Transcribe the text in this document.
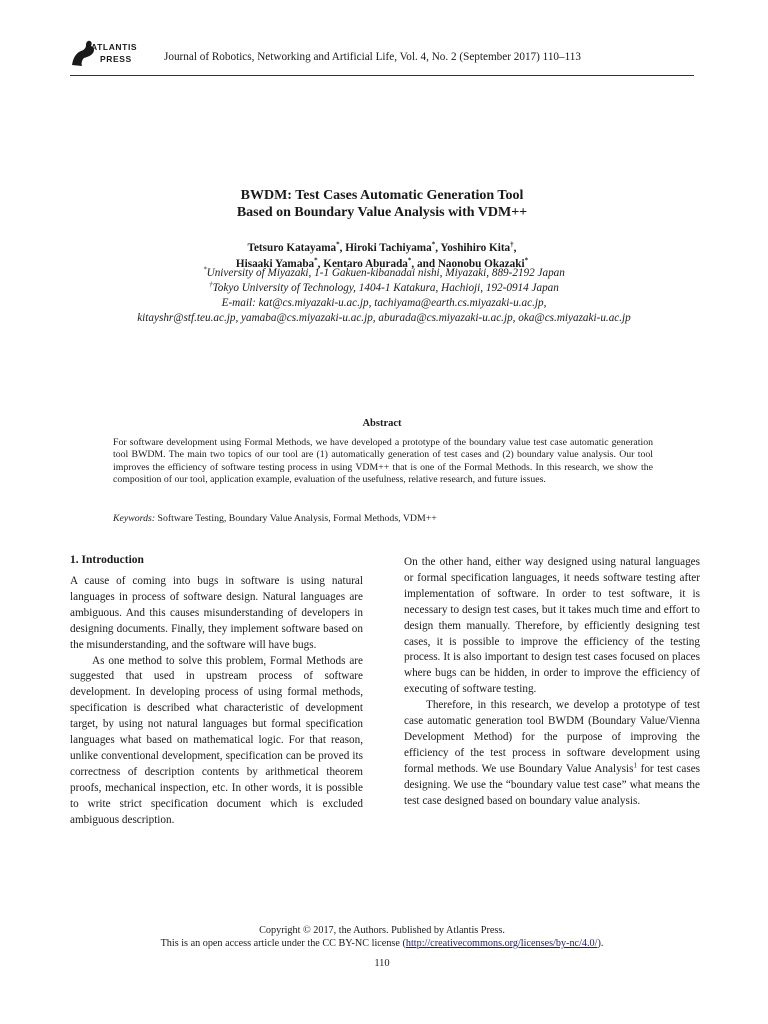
ATLANTIS
PRESS	Journal of Robotics, Networking and Artificial Life, Vol. 4, No. 2 (September 2017) 110–113
BWDM: Test Cases Automatic Generation Tool
Based on Boundary Value Analysis with VDM++
Tetsuro Katayama*, Hiroki Tachiyama*, Yoshihiro Kita†,
Hisaaki Yamaba*, Kentaro Aburada*, and Naonobu Okazaki*
*University of Miyazaki, 1-1 Gakuen-kibanadai nishi, Miyazaki, 889-2192 Japan
†Tokyo University of Technology, 1404-1 Katakura, Hachioji, 192-0914 Japan
E-mail: kat@cs.miyazaki-u.ac.jp, tachiyama@earth.cs.miyazaki-u.ac.jp,
kitayshr@stf.teu.ac.jp, yamaba@cs.miyazaki-u.ac.jp, aburada@cs.miyazaki-u.ac.jp, oka@cs.miyazaki-u.ac.jp
Abstract
For software development using Formal Methods, we have developed a prototype of the boundary value test case automatic generation tool BWDM. The main two topics of our tool are (1) automatically generation of test cases and (2) boundary value analysis. Our tool improves the efficiency of software testing process in using VDM++ that is one of the Formal Methods. In this research, we show the composition of our tool, application example, evaluation of the usefulness, relative research, and future issues.
Keywords: Software Testing, Boundary Value Analysis, Formal Methods, VDM++
1. Introduction

A cause of coming into bugs in software is using natural languages in process of software design. Natural languages are ambiguous. And this causes misunderstanding of developers in designing documents. Finally, they implement software based on the misunderstanding, and the software will have bugs.

As one method to solve this problem, Formal Methods are suggested that used in upstream process of software development. In developing process of using formal methods, specification is described what characteristic of development target, by using not natural languages but formal specification languages what based on mathematical logic. For that reason, unlike conventional development, specification can be proved its correctness of description contents by arithmetical theorem proofs, mechanical inspection, etc. In other words, it is possible to write strict specification document which is excluded ambiguous description.

On the other hand, either way designed using natural languages or formal specification languages, it needs software testing after implementation of software. In order to test software, it is necessary to design test cases, but it takes much time and effort to design them manually. Therefore, by efficiently designing test cases, it is possible to improve the efficiency of the testing process. It is also important to design test cases focused on places where bugs can be hidden, in order to improve the efficiency of executing of software testing.

Therefore, in this research, we develop a prototype of test case automatic generation tool BWDM (Boundary Value/Vienna Development Method) for the purpose of improving the efficiency of the test process in software development using formal methods. We use Boundary Value Analysis$^1$ for test cases designing. We use the “boundary value test case” what means the test case designed based on boundary value analysis.

Copyright © 2017, the Authors. Published by Atlantis Press.
This is an open access article under the CC BY-NC license (http://creativecommons.org/licenses/by-nc/4.0/).
110
